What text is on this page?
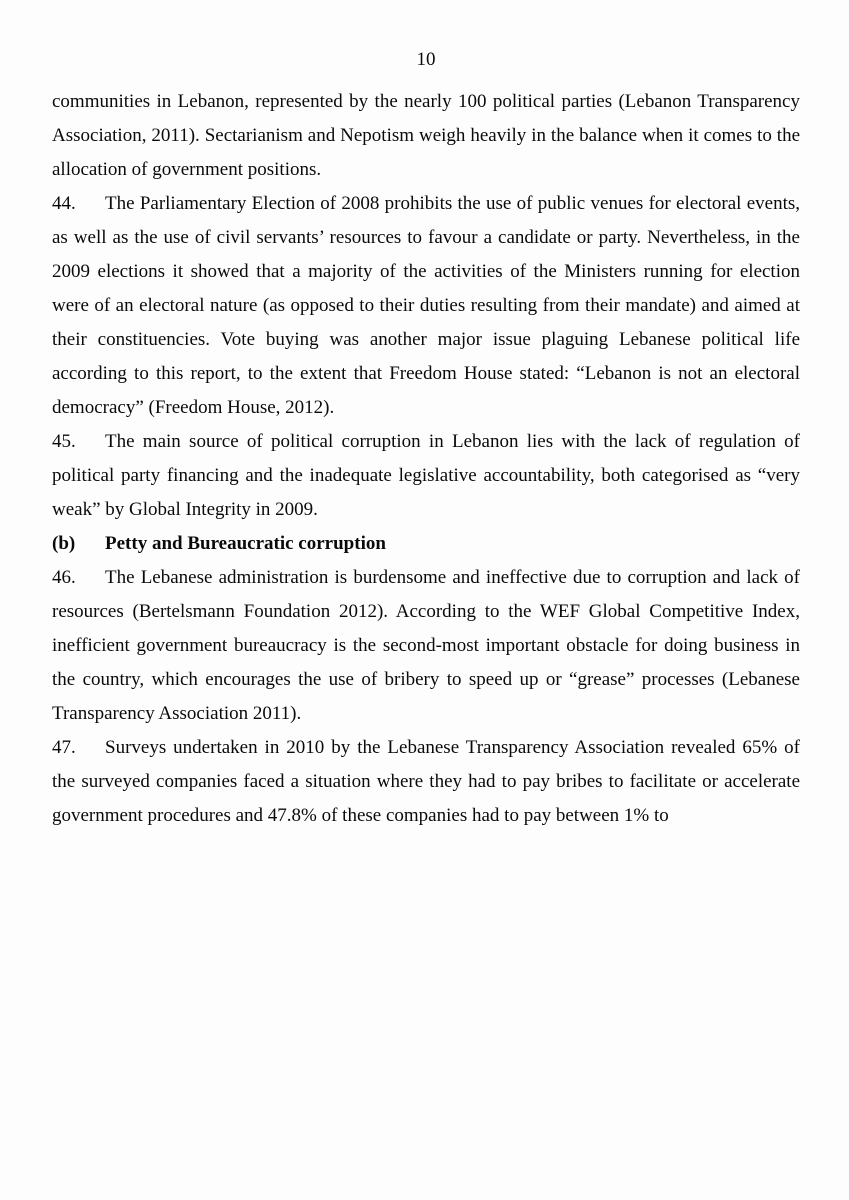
10

communities in Lebanon, represented by the nearly 100 political parties (Lebanon Transparency Association, 2011). Sectarianism and Nepotism weigh heavily in the balance when it comes to the allocation of government positions.

44. The Parliamentary Election of 2008 prohibits the use of public venues for electoral events, as well as the use of civil servants’ resources to favour a candidate or party. Nevertheless, in the 2009 elections it showed that a majority of the activities of the Ministers running for election were of an electoral nature (as opposed to their duties resulting from their mandate) and aimed at their constituencies. Vote buying was another major issue plaguing Lebanese political life according to this report, to the extent that Freedom House stated: “Lebanon is not an electoral democracy” (Freedom House, 2012).

45. The main source of political corruption in Lebanon lies with the lack of regulation of political party financing and the inadequate legislative accountability, both categorised as “very weak” by Global Integrity in 2009.

(b) Petty and Bureaucratic corruption

46. The Lebanese administration is burdensome and ineffective due to corruption and lack of resources (Bertelsmann Foundation 2012). According to the WEF Global Competitive Index, inefficient government bureaucracy is the second-most important obstacle for doing business in the country, which encourages the use of bribery to speed up or “grease” processes (Lebanese Transparency Association 2011).

47. Surveys undertaken in 2010 by the Lebanese Transparency Association revealed 65% of the surveyed companies faced a situation where they had to pay bribes to facilitate or accelerate government procedures and 47.8% of these companies had to pay between 1% to
